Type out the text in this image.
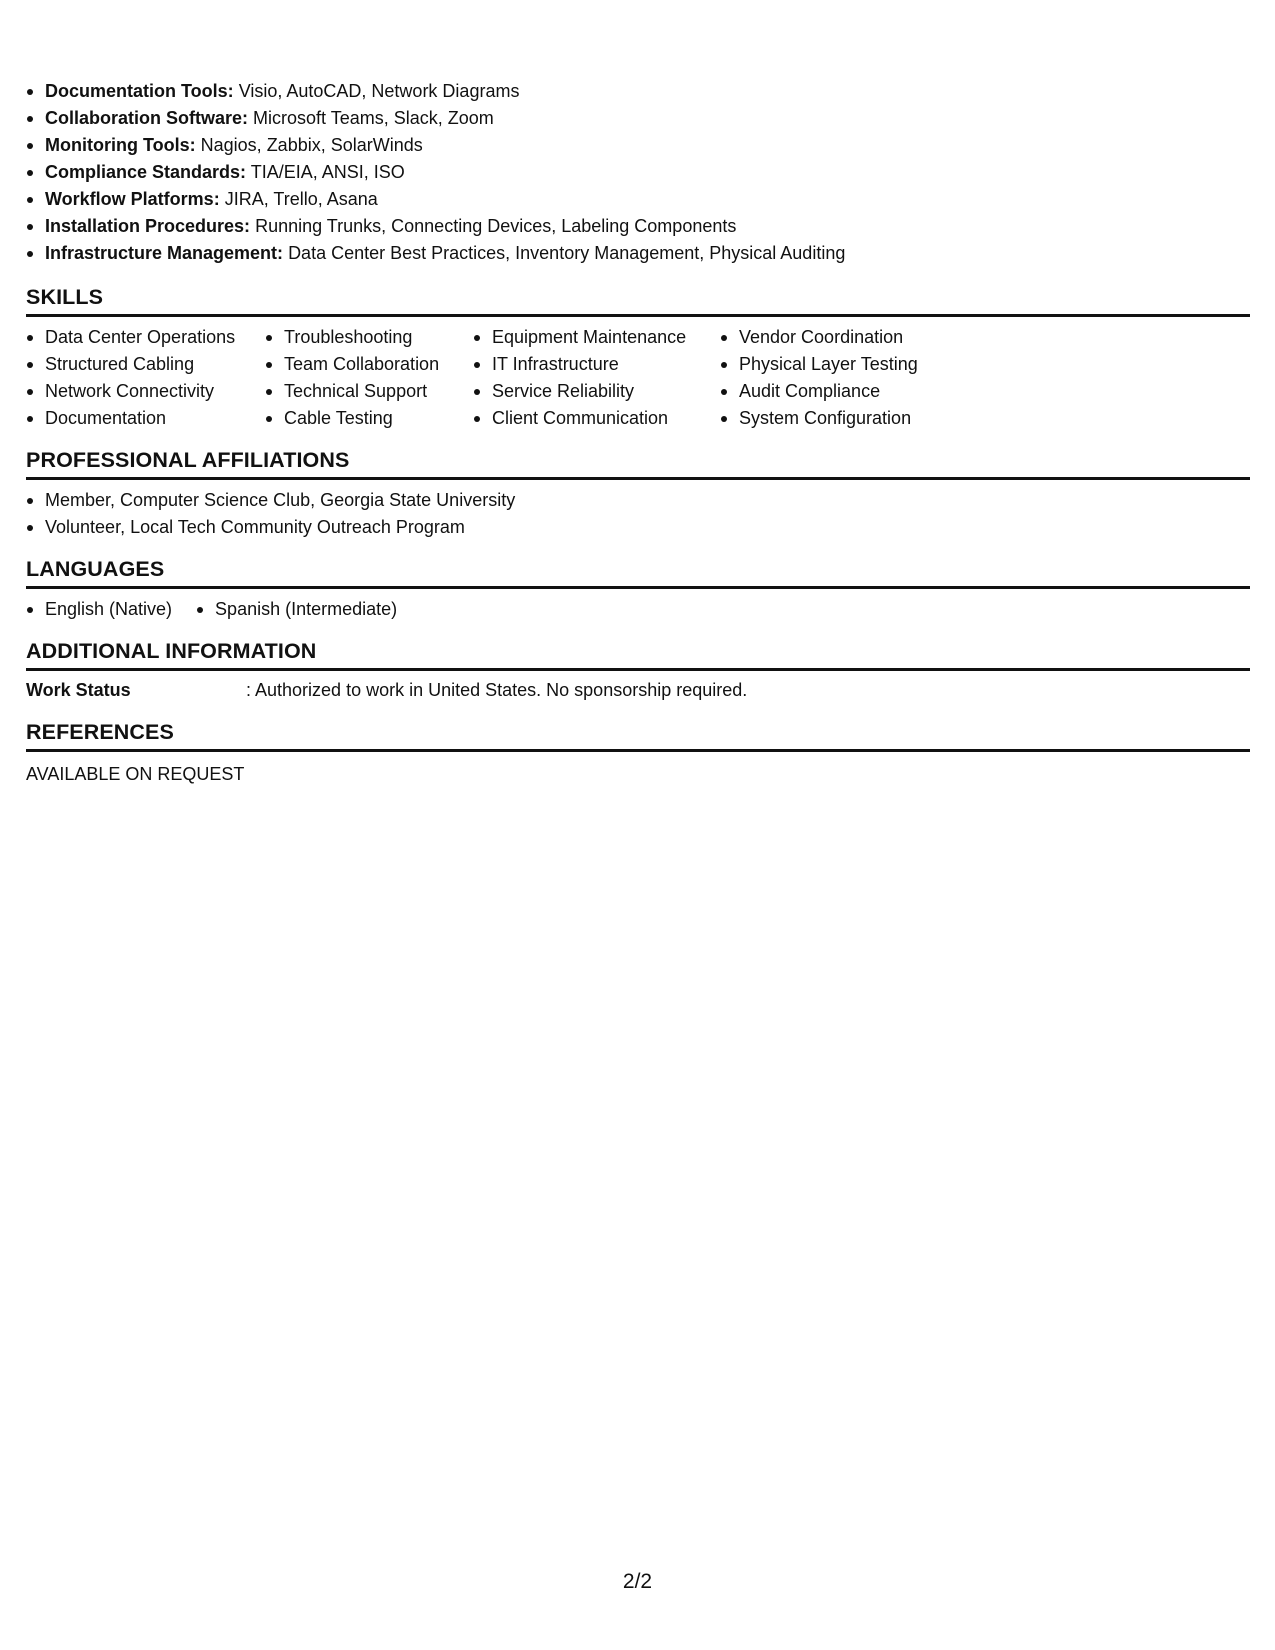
Documentation Tools: Visio, AutoCAD, Network Diagrams
Collaboration Software: Microsoft Teams, Slack, Zoom
Monitoring Tools: Nagios, Zabbix, SolarWinds
Compliance Standards: TIA/EIA, ANSI, ISO
Workflow Platforms: JIRA, Trello, Asana
Installation Procedures: Running Trunks, Connecting Devices, Labeling Components
Infrastructure Management: Data Center Best Practices, Inventory Management, Physical Auditing
SKILLS
Data Center Operations
Structured Cabling
Network Connectivity
Documentation
Troubleshooting
Team Collaboration
Technical Support
Cable Testing
Equipment Maintenance
IT Infrastructure
Service Reliability
Client Communication
Vendor Coordination
Physical Layer Testing
Audit Compliance
System Configuration
PROFESSIONAL AFFILIATIONS
Member, Computer Science Club, Georgia State University
Volunteer, Local Tech Community Outreach Program
LANGUAGES
English (Native)	Spanish (Intermediate)
ADDITIONAL INFORMATION
Work Status	: Authorized to work in United States. No sponsorship required.
REFERENCES
AVAILABLE ON REQUEST
2/2
